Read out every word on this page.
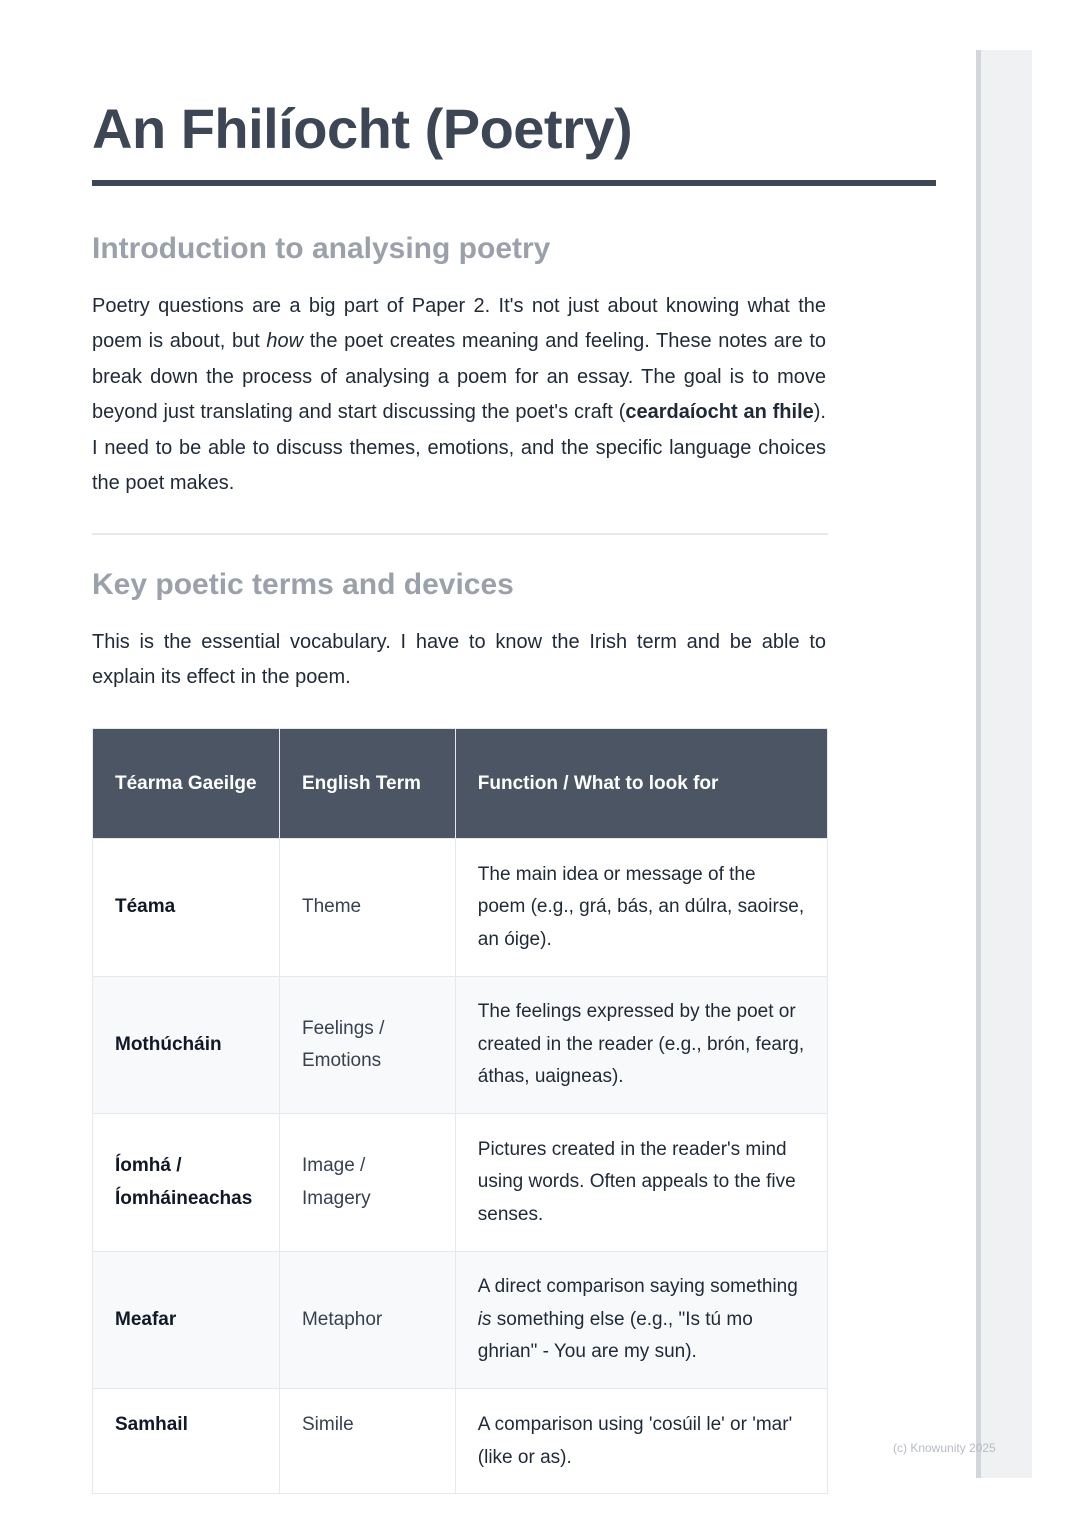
An Fhilíocht (Poetry)
Introduction to analysing poetry

Poetry questions are a big part of Paper 2. It's not just about knowing what the poem is about, but how the poet creates meaning and feeling. These notes are to break down the process of analysing a poem for an essay. The goal is to move beyond just translating and start discussing the poet's craft (ceardaíocht an fhile). I need to be able to discuss themes, emotions, and the specific language choices the poet makes.

Key poetic terms and devices

This is the essential vocabulary. I have to know the Irish term and be able to explain its effect in the poem.

Téarma Gaeilge	English Term	Function / What to look for
Téama	Theme	The main idea or message of the poem (e.g., grá, bás, an dúlra, saoirse, an óige).
Mothúcháin	Feelings / Emotions	The feelings expressed by the poet or created in the reader (e.g., brón, fearg, áthas, uaigneas).
Íomhá / Íomháineachas	Image / Imagery	Pictures created in the reader's mind using words. Often appeals to the five senses.
Meafar	Metaphor	A direct comparison saying something is something else (e.g., "Is tú mo ghrian" - You are my sun).
Samhail	Simile	A comparison using 'cosúil le' or 'mar' (like or as).	(c) Knowunity 2025
